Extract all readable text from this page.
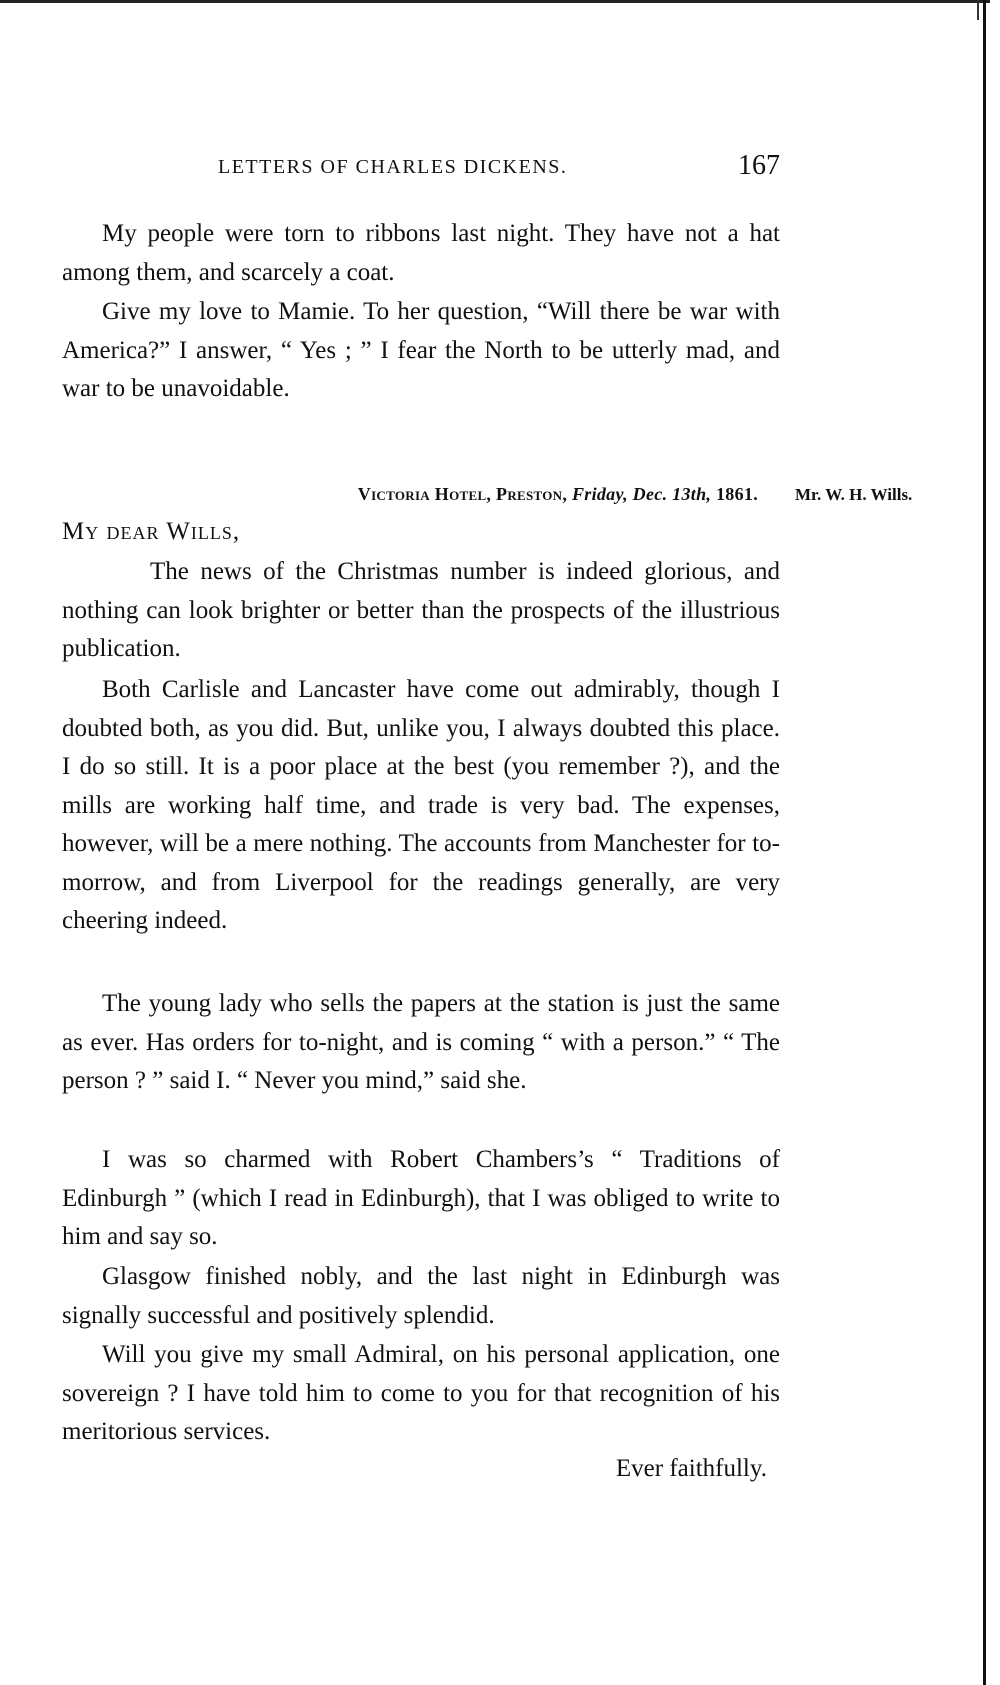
LETTERS OF CHARLES DICKENS.	167

My people were torn to ribbons last night. They have not a hat among them, and scarcely a coat.

Give my love to Mamie. To her question, “Will there be war with America?” I answer, “ Yes ; ” I fear the North to be utterly mad, and war to be unavoidable.

Victoria Hotel, Preston, Friday, Dec. 13th, 1861. Mr. W. H. Wills.
My dear Wills,

The news of the Christmas number is indeed glorious, and nothing can look brighter or better than the prospects of the illustrious publication.

Both Carlisle and Lancaster have come out admirably, though I doubted both, as you did. But, unlike you, I always doubted this place. I do so still. It is a poor place at the best (you remember ?), and the mills are working half time, and trade is very bad. The expenses, however, will be a mere nothing. The accounts from Manchester for to-morrow, and from Liverpool for the readings generally, are very cheering indeed.

The young lady who sells the papers at the station is just the same as ever. Has orders for to-night, and is coming “ with a person.” “ The person ? ” said I. “ Never you mind,” said she.

I was so charmed with Robert Chambers’s “ Traditions of Edinburgh ” (which I read in Edinburgh), that I was obliged to write to him and say so.

Glasgow finished nobly, and the last night in Edinburgh was signally successful and positively splendid.

Will you give my small Admiral, on his personal application, one sovereign ? I have told him to come to you for that recognition of his meritorious services.

Ever faithfully.
